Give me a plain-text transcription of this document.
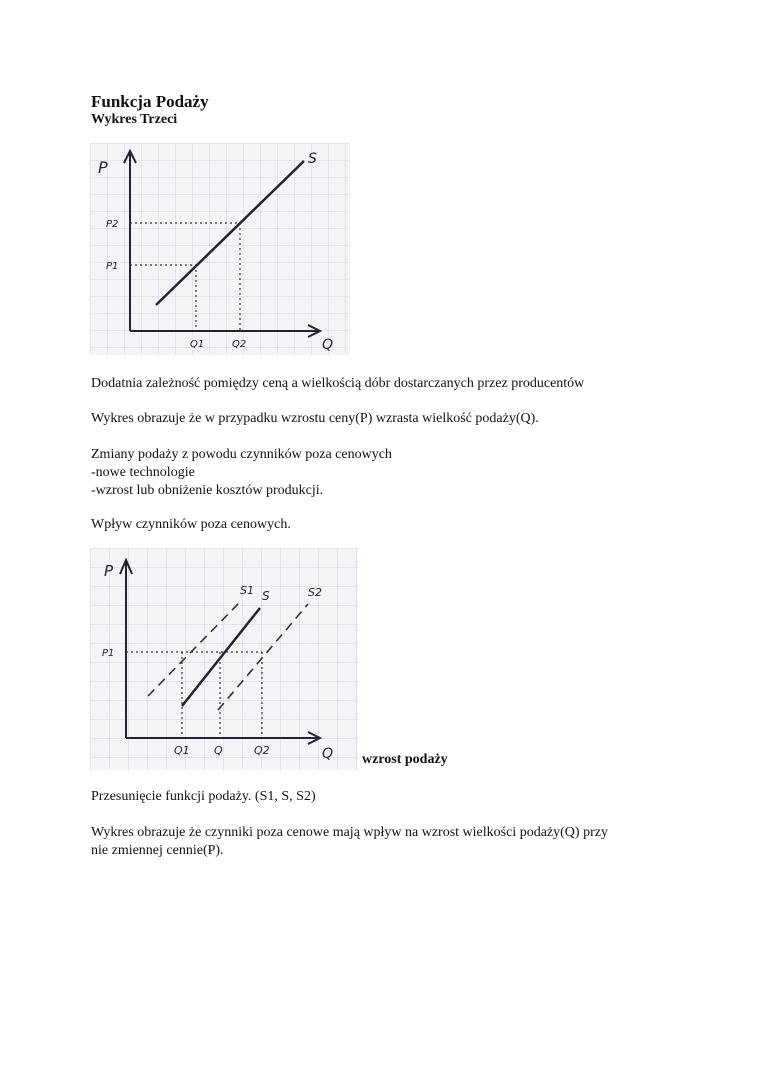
Funkcja Podaży
Wykres Trzeci
P
Q
S
P2
P1
Q1	Q2
Dodatnia zależność pomiędzy ceną a wielkością dóbr dostarczanych przez producentów
Wykres obrazuje że w przypadku wzrostu ceny(P) wzrasta wielkość podaży(Q).
Zmiany podaży z powodu czynników poza cenowych
-nowe technologie
-wzrost lub obniżenie kosztów produkcji.
Wpływ czynników poza cenowych.
P
Q
S1 S	S2
P1
Q1 Q	Q2
wzrost podaży
Przesunięcie funkcji podaży. (S1, S, S2)
Wykres obrazuje że czynniki poza cenowe mają wpływ na wzrost wielkości podaży(Q) przy
nie zmiennej cennie(P).
